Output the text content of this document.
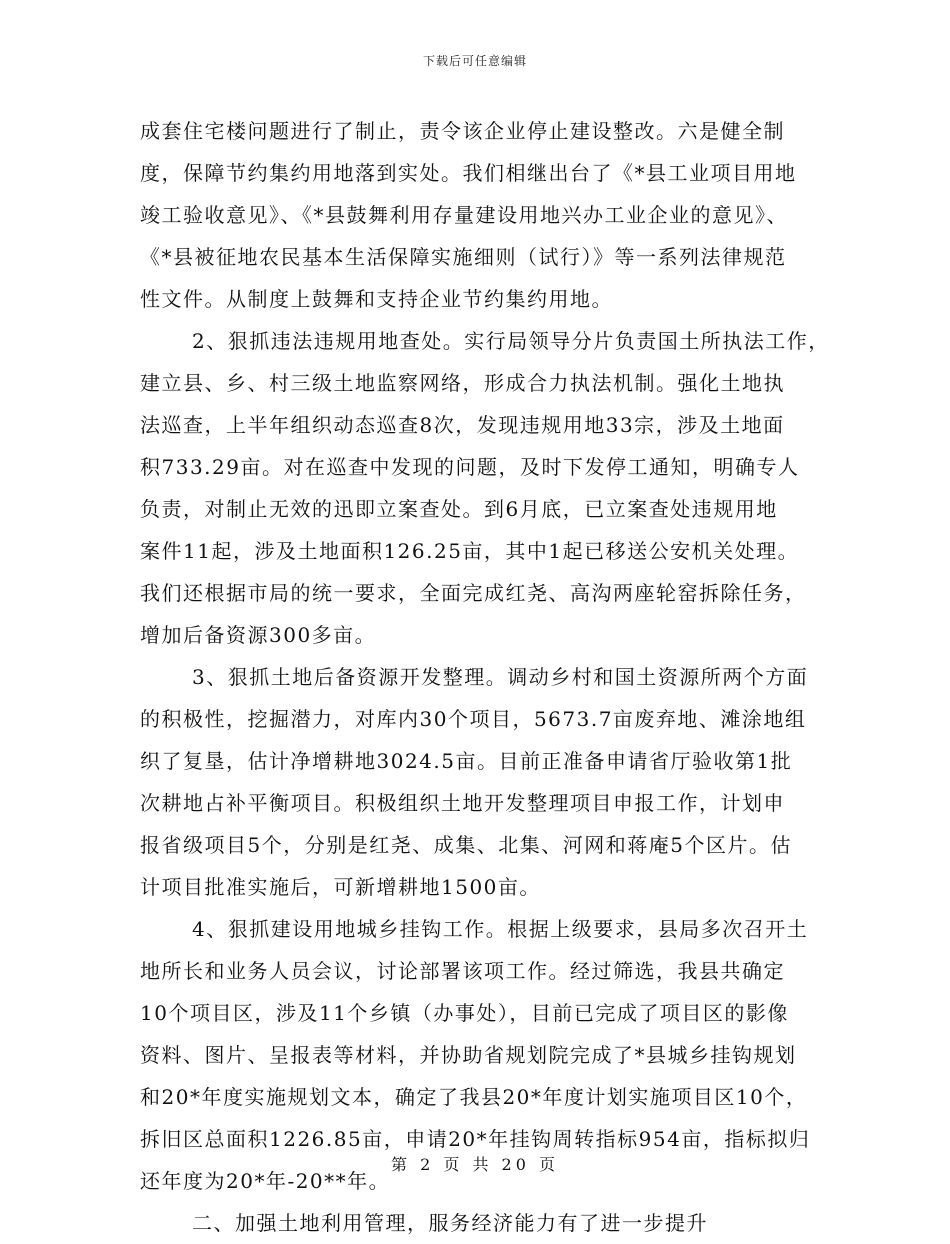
下载后可任意编辑
成套住宅楼问题进行了制止，责令该企业停止建设整改。六是健全制
度，保障节约集约用地落到实处。我们相继出台了《*县工业项目用地
竣工验收意见》、《*县鼓舞利用存量建设用地兴办工业企业的意见》、
《*县被征地农民基本生活保障实施细则（试行）》等一系列法律规范
性文件。从制度上鼓舞和支持企业节约集约用地。
2、狠抓违法违规用地查处。实行局领导分片负责国土所执法工作，
建立县、乡、村三级土地监察网络，形成合力执法机制。强化土地执
法巡查，上半年组织动态巡查8次，发现违规用地33宗，涉及土地面
积733.29亩。对在巡查中发现的问题，及时下发停工通知，明确专人
负责，对制止无效的迅即立案查处。到6月底，已立案查处违规用地
案件11起，涉及土地面积126.25亩，其中1起已移送公安机关处理。
我们还根据市局的统一要求，全面完成红尧、高沟两座轮窑拆除任务，
增加后备资源300多亩。
3、狠抓土地后备资源开发整理。调动乡村和国土资源所两个方面
的积极性，挖掘潜力，对库内30个项目，5673.7亩废弃地、滩涂地组
织了复垦，估计净增耕地3024.5亩。目前正准备申请省厅验收第1批
次耕地占补平衡项目。积极组织土地开发整理项目申报工作，计划申
报省级项目5个，分别是红尧、成集、北集、河网和蒋庵5个区片。估
计项目批准实施后，可新增耕地1500亩。
4、狠抓建设用地城乡挂钩工作。根据上级要求，县局多次召开土
地所长和业务人员会议，讨论部署该项工作。经过筛选，我县共确定
10个项目区，涉及11个乡镇（办事处），目前已完成了项目区的影像
资料、图片、呈报表等材料，并协助省规划院完成了*县城乡挂钩规划
和20*年度实施规划文本，确定了我县20*年度计划实施项目区10个，
拆旧区总面积1226.85亩，申请20*年挂钩周转指标954亩，指标拟归
还年度为20*年-20**年。
二、加强土地利用管理，服务经济能力有了进一步提升
第 2 页 共 20 页
